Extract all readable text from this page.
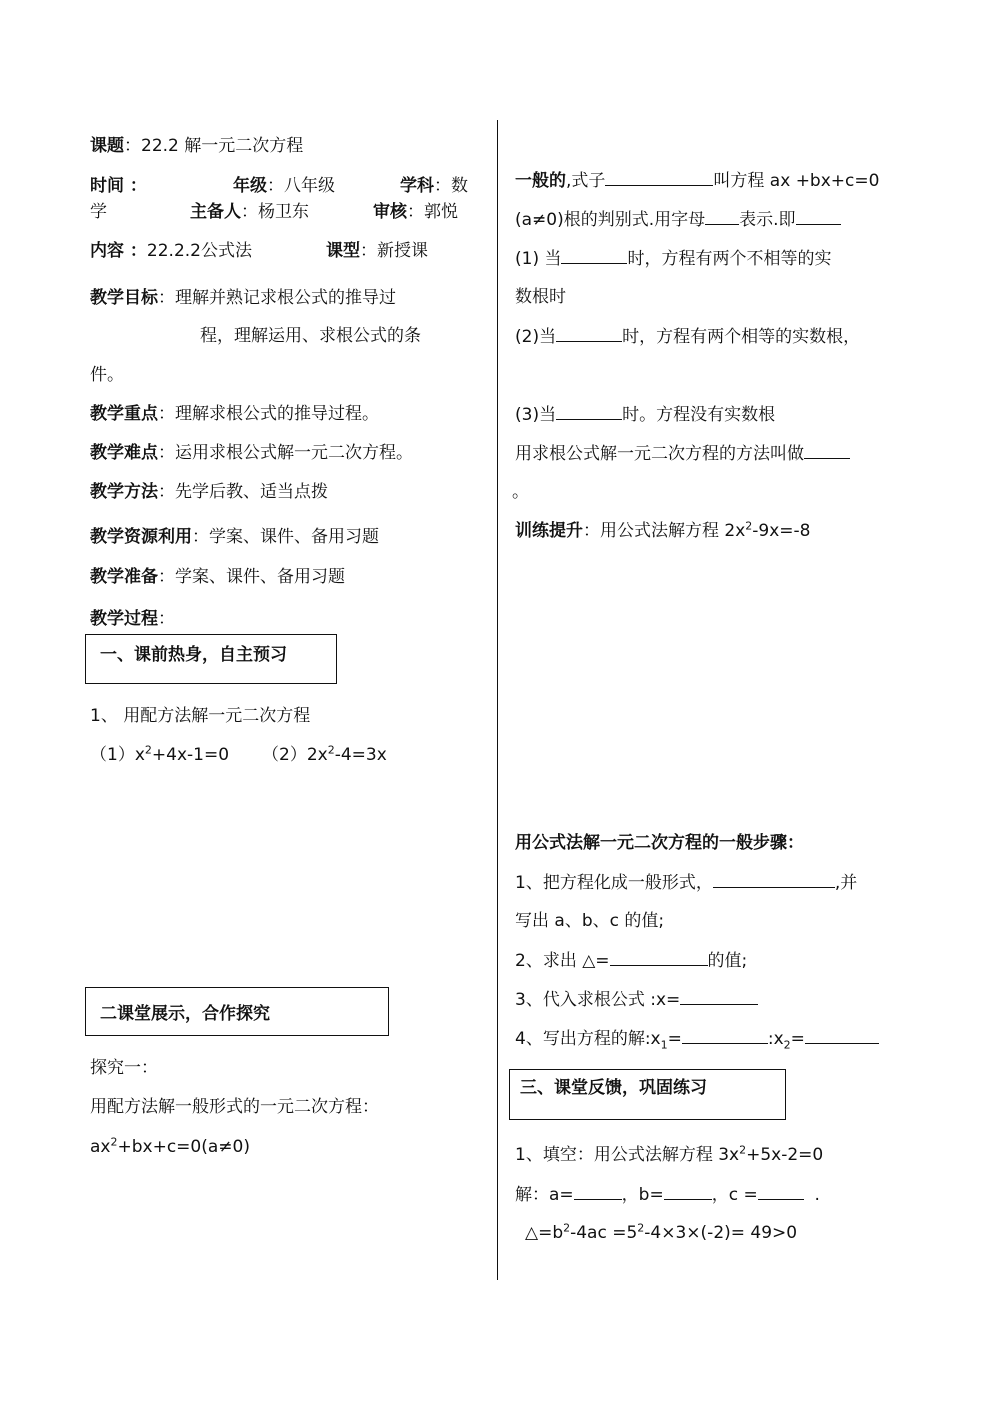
课题：22.2 解一元二次方程
时间 ：	年级：八年级	学科：数
学	主备人：杨卫东	审核：郭悦
内容 ：22.2.2公式法	课型：新授课
教学目标：理解并熟记求根公式的推导过
程，理解运用、求根公式的条
件。
教学重点：理解求根公式的推导过程。
教学难点：运用求根公式解一元二次方程。
教学方法：先学后教、适当点拨
教学资源利用：学案、课件、备用习题
教学准备：学案、课件、备用习题
教学过程：
一、课前热身，自主预习
1、 用配方法解一元二次方程
$(1)x^2+4x-1=0$ $(2)2x^2-4=3x$
二课堂展示，合作探究
探究一：
用配方法解一般形式的一元二次方程：
$ax^2+bx+c=0(a\ne 0)$
一般的,式子	叫方程 ax +bx+c=0
(a≠0)根的判别式.用字母 表示.即
(1) 当	时，方程有两个不相等的实
数根时
(2)当	时，方程有两个相等的实数根，
(3)当	时。方程没有实数根
用求根公式解一元二次方程的方法叫做
。
训练提升：用公式法解方程 $2x^2-9x=-8$
用公式法解一元二次方程的一般步骤：
1、把方程化成一般形式，	,并
写出 a、b、c 的值;
2、求出 △=	的值;
3、代入求根公式 :x=
4、写出方程的解$:x_1=$	$:x_2=$
三、课堂反馈，巩固练习
1、填空：用公式法解方程 $3x^2+5x-2=0$
解：a=	，b=	，c =	.
$\triangle=b^2-4ac =5^2-4\times 3\times(-2)= 49>0$
